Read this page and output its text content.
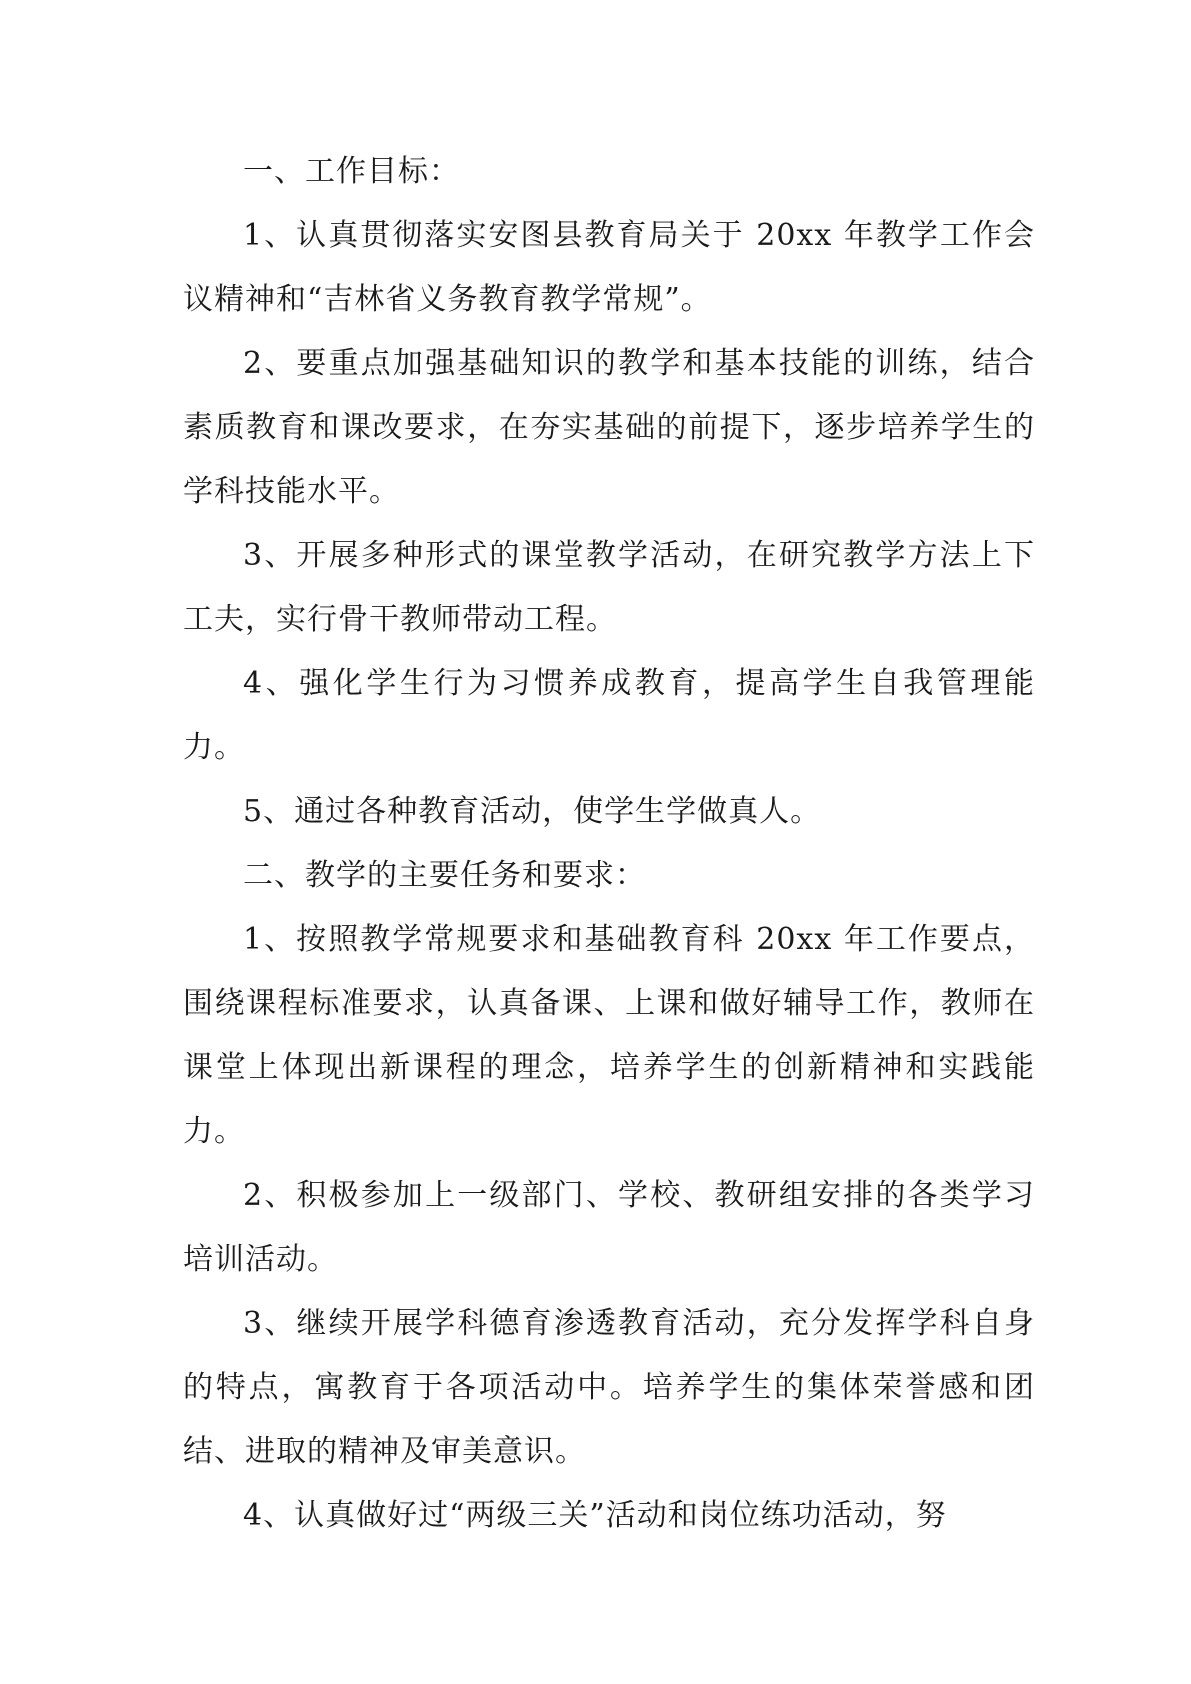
一、工作目标：

1、认真贯彻落实安图县教育局关于 20xx 年教学工作会议精神和“吉林省义务教育教学常规”。

2、要重点加强基础知识的教学和基本技能的训练，结合素质教育和课改要求，在夯实基础的前提下，逐步培养学生的学科技能水平。

3、开展多种形式的课堂教学活动，在研究教学方法上下工夫，实行骨干教师带动工程。

4、强化学生行为习惯养成教育，提高学生自我管理能力。

5、通过各种教育活动，使学生学做真人。

二、教学的主要任务和要求：

1、按照教学常规要求和基础教育科 20xx 年工作要点，围绕课程标准要求，认真备课、上课和做好辅导工作，教师在课堂上体现出新课程的理念，培养学生的创新精神和实践能力。

2、积极参加上一级部门、学校、教研组安排的各类学习培训活动。

3、继续开展学科德育渗透教育活动，充分发挥学科自身的特点，寓教育于各项活动中。培养学生的集体荣誉感和团结、进取的精神及审美意识。

4、认真做好过“两级三关”活动和岗位练功活动，努
